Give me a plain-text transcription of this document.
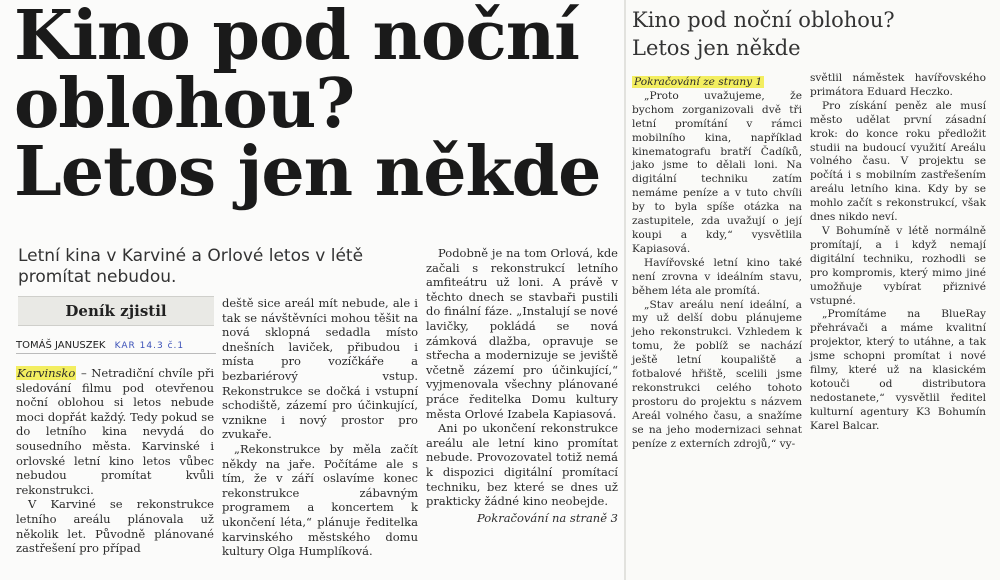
Kino pod noční
oblohou?
Letos jen někde
Letní kina v Karviné a Orlové letos v létě promítat nebudou.
Deník zjistil
TOMÁŠ JANUSZEK KAR 14.3 č.1

Karvinsko – Netradiční chvíle při sledování filmu pod otevřenou noční oblohou si letos nebude moci dopřát každý. Tedy pokud se do letního kina nevydá do sousedního města. Karvinské i orlovské letní kino letos vůbec nebudou promítat kvůli rekonstrukci.

V Karviné se rekonstrukce letního areálu plánovala už několik let. Původně plánované zastřešení pro případ

deště sice areál mít nebude, ale i tak se návštěvníci mohou těšit na nová sklopná sedadla místo dnešních laviček, přibudou i místa pro vozíčkáře a bezbariérový vstup. Rekonstrukce se dočká i vstupní schodiště, zázemí pro účinkující, vznikne i nový prostor pro zvukaře.

„Rekonstrukce by měla začít někdy na jaře. Počítáme ale s tím, že v září oslavíme konec rekonstrukce zábavným programem a koncertem k ukončení léta,“ plánuje ředitelka karvinského městského domu kultury Olga Humplíková.

Podobně je na tom Orlová, kde začali s rekonstrukcí letního amfiteátru už loni. A právě v těchto dnech se stavbaři pustili do finální fáze. „Instalují se nové lavičky, pokládá se nová zámková dlažba, opravuje se střecha a modernizuje se jeviště včetně zázemí pro účinkující,“ vyjmenovala všechny plánované práce ředitelka Domu kultury města Orlové Izabela Kapiasová.

Ani po ukončení rekonstrukce areálu ale letní kino promítat nebude. Provozovatel totiž nemá k dispozici digitální promítací techniku, bez které se dnes už prakticky žádné kino neobejde.

Pokračování na straně 3
Kino pod noční oblohou?
Letos jen někde

Pokračování ze strany 1

„Proto uvažujeme, že bychom zorganizovali dvě tři letní promítání v rámci mobilního kina, například kinematografu bratří Čadíků, jako jsme to dělali loni. Na digitální techniku zatím nemáme peníze a v tuto chvíli by to byla spíše otázka na zastupitele, zda uvažují o její koupi a kdy,“ vysvětlila Kapiasová.

Havířovské letní kino také není zrovna v ideálním stavu, během léta ale promítá.

„Stav areálu není ideální, a my už delší dobu plánujeme jeho rekonstrukci. Vzhledem k tomu, že poblíž se nachází ještě letní koupaliště a fotbalové hřiště, scelili jsme rekonstrukci celého tohoto prostoru do projektu s názvem Areál volného času, a snažíme se na jeho modernizaci sehnat peníze z externích zdrojů,“ vy-

světlil náměstek havířovského primátora Eduard Heczko.

Pro získání peněz ale musí město udělat první zásadní krok: do konce roku předložit studii na budoucí využití Areálu volného času. V projektu se počítá i s mobilním zastřešením areálu letního kina. Kdy by se mohlo začít s rekonstrukcí, však dnes nikdo neví.

V Bohumíně v létě normálně promítají, a i když nemají digitální techniku, rozhodli se pro kompromis, který mimo jiné umožňuje vybírat přiznivé vstupné.

„Promítáme na BlueRay přehrávači a máme kvalitní projektor, který to utáhne, a tak jsme schopni promítat i nové filmy, které už na klasickém kotouči od distributora nedostanete,“ vysvětlil ředitel kulturní agentury K3 Bohumín Karel Balcar.
